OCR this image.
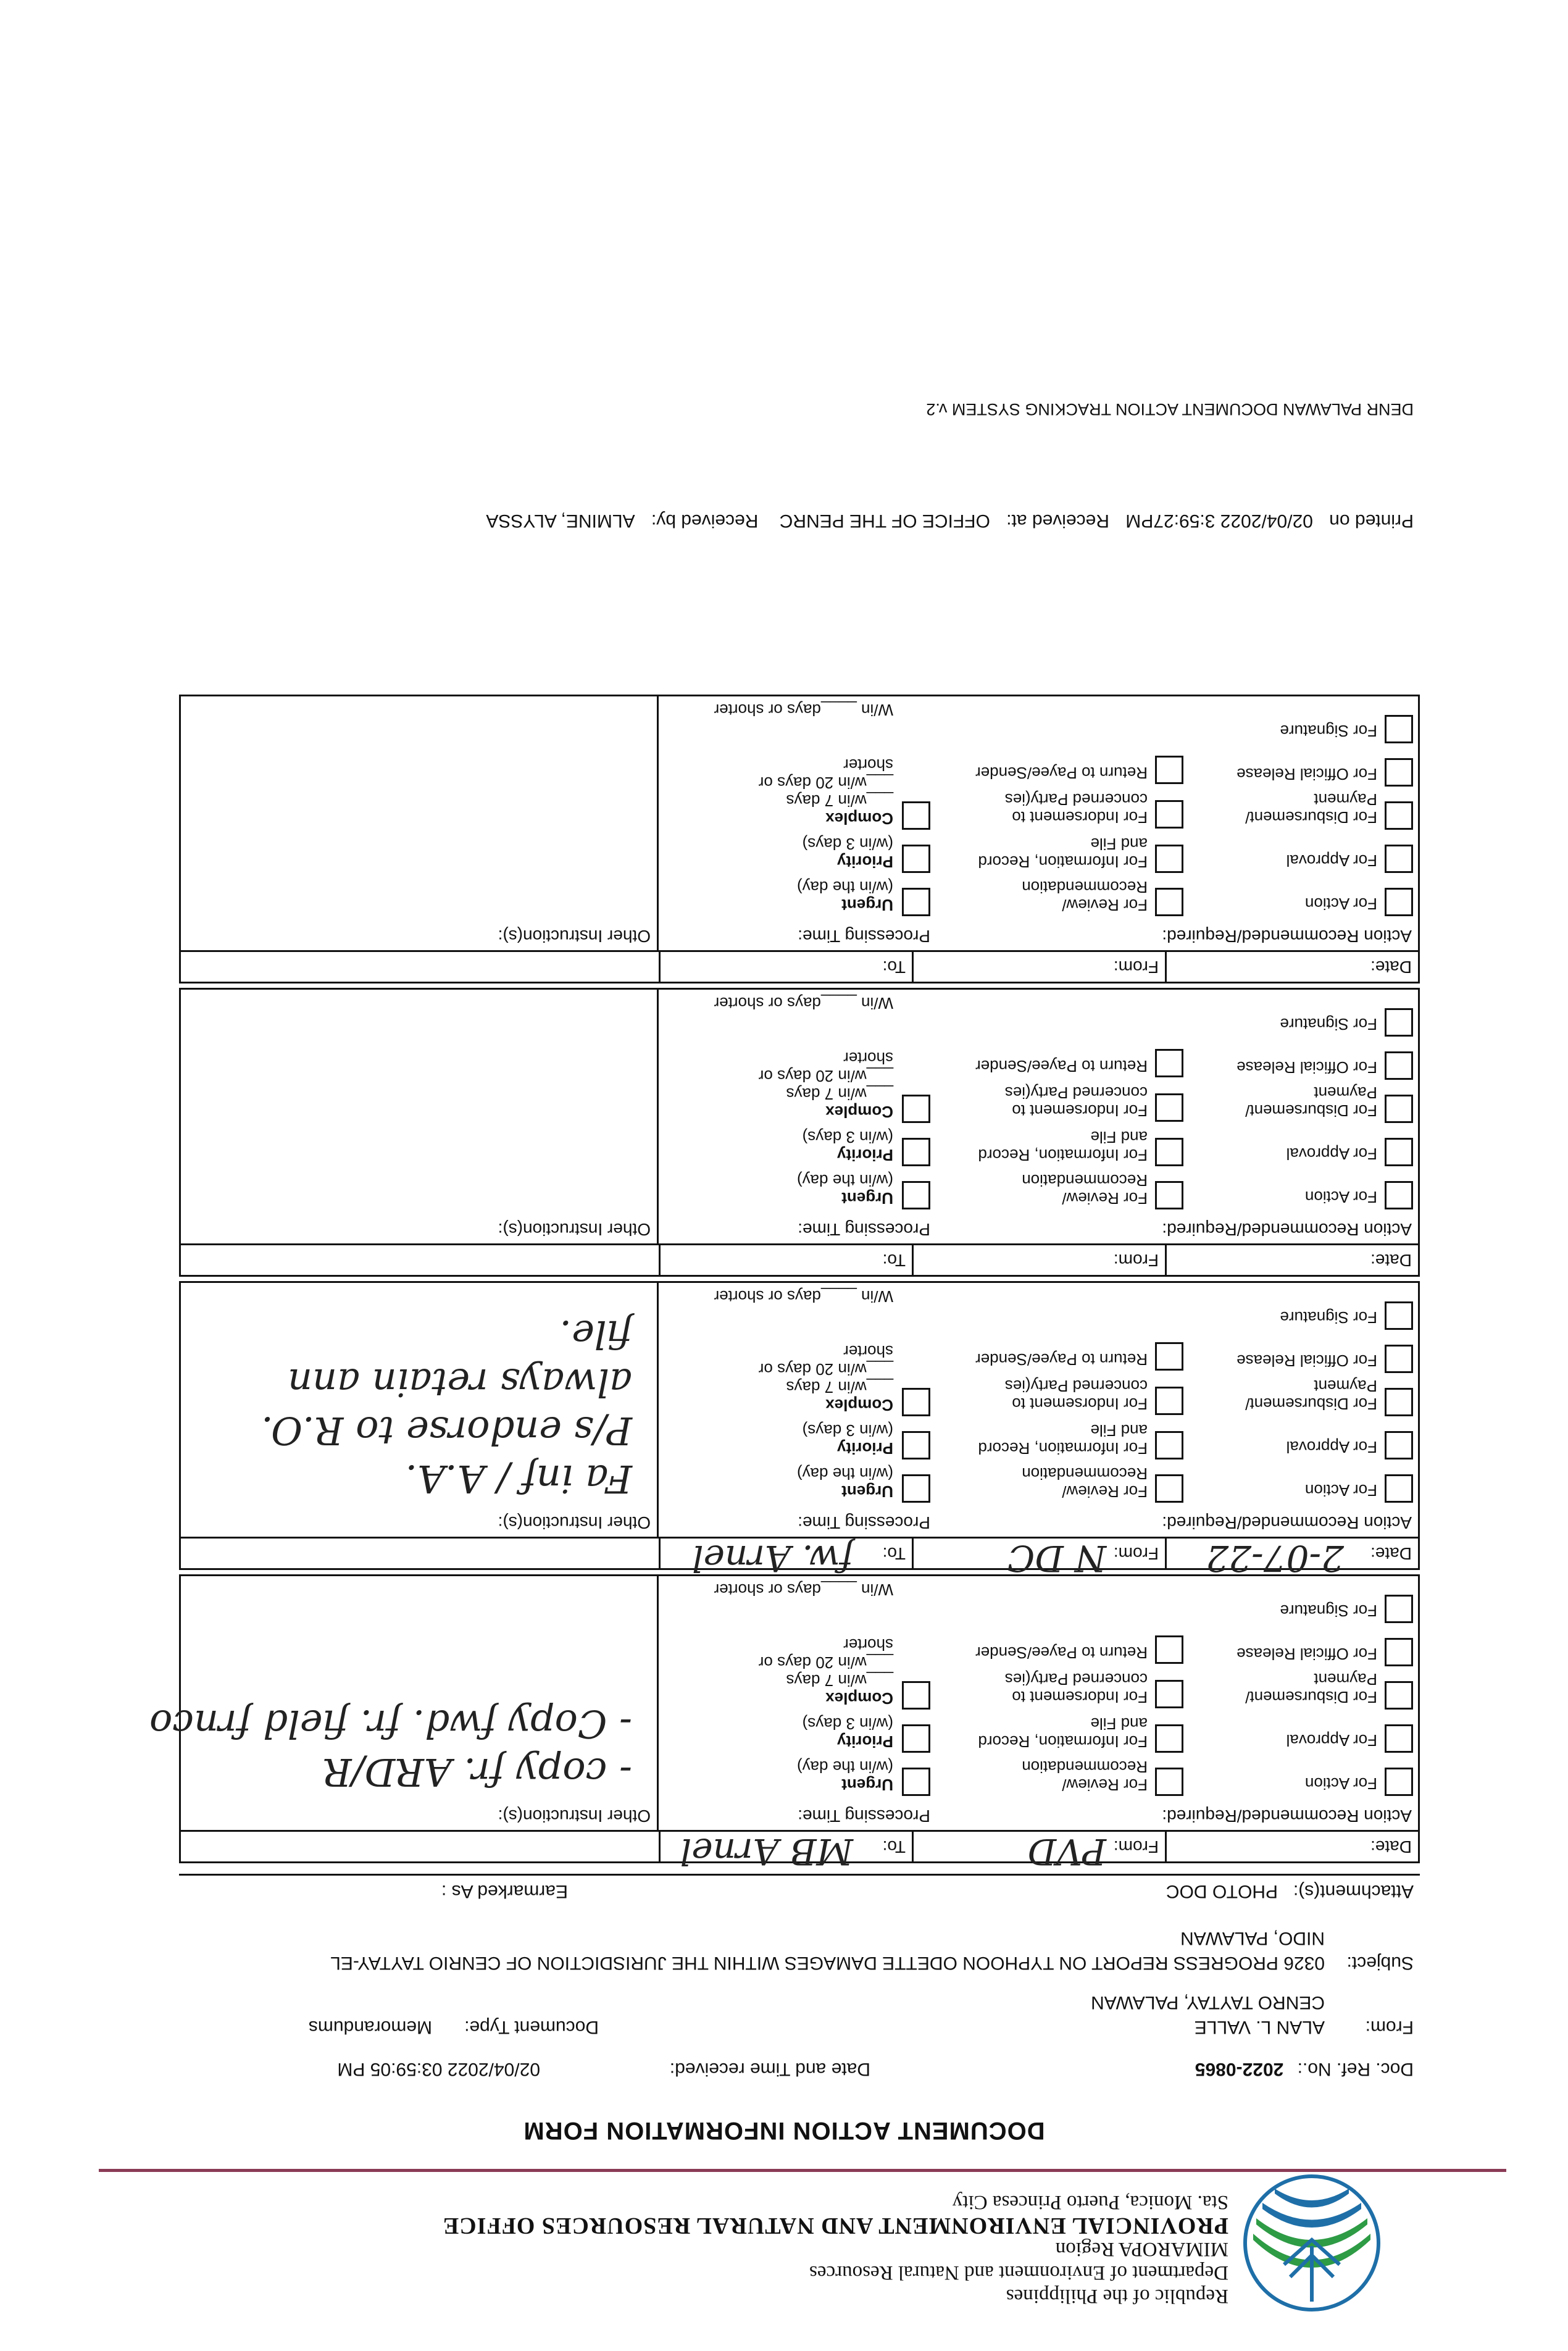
Republic of the Philippines
Department of Environment and Natural Resources
MIMAROPA Region
PROVINCIAL ENVIRONMENT AND NATURAL RESOURCES OFFICE
Sta. Monica, Puerto Princesa City
DOCUMENT ACTION INFORMATION FORM
Doc. Ref. No.: 2022-0865
Date and Time received:
02/04/2022 03:59:05 PM
From:
ALAN L. VALLE
CENRO TAYTAY, PALAWAN
Document Type:
Memorandums
Subject:
0326 PROGRESS REPORT ON TYPHOON ODETTE DAMAGES WITHIN THE JURISDICTION OF CENRIO TAYTAY-EL
NIDO, PALAWAN
Attachment(s):
PHOTO DOC
Earmarked As :
Date:
From:
PVD
To:
MB Arnel
Action Recommended/Required:
For Action
For Approval
For Disbursement/
Payment
For Official Release
For Signature
For Review/
Recommendation
For Information, Record
and File
For Indorsement to
concerned Party(ies
Return to Payee/Sender
Processing Time:
Urgent
(w/in the day)
Priority
(w/in 3 days)
Complex
___w/in 7 days
___w/in 20 days or
shorter
W/in ____days or shorter
Other Instruction(s):
- copy fr. ARD/R
- Copy fwd. fr. field frnco
Date:
2-07-22
From:
N DC
To:
fw. Arnel
Action Recommended/Required:
For Action
For Approval
For Disbursement/
Payment
For Official Release
For Signature
For Review/
Recommendation
For Information, Record
and File
For Indorsement to
concerned Party(ies
Return to Payee/Sender
Processing Time:
Urgent
(w/in the day)
Priority
(w/in 3 days)
Complex
___w/in 7 days
___w/in 20 days or
shorter
W/in ____days or shorter
Other Instruction(s):
Fa inf / A.A.
P/s endorse to R.O.
always retain ann
file.
Date:
From:
To:
Action Recommended/Required:
For Action
For Approval
For Disbursement/
Payment
For Official Release
For Signature
For Review/
Recommendation
For Information, Record
and File
For Indorsement to
concerned Party(ies
Return to Payee/Sender
Processing Time:
Urgent
(w/in the day)
Priority
(w/in 3 days)
Complex
___w/in 7 days
___w/in 20 days or
shorter
W/in ____days or shorter
Other Instruction(s):
Date:
From:
To:
Action Recommended/Required:
For Action
For Approval
For Disbursement/
Payment
For Official Release
For Signature
For Review/
Recommendation
For Information, Record
and File
For Indorsement to
concerned Party(ies
Return to Payee/Sender
Processing Time:
Urgent
(w/in the day)
Priority
(w/in 3 days)
Complex
___w/in 7 days
___w/in 20 days or
shorter
W/in ____days or shorter
Other Instruction(s):
Printed on 02/04/2022 3:59:27PM Received at: OFFICE OF THE PENRC Received by: ALMINE, ALYSSA
DENR PALAWAN DOCUMENT ACTION TRACKING SYSTEM v.2
